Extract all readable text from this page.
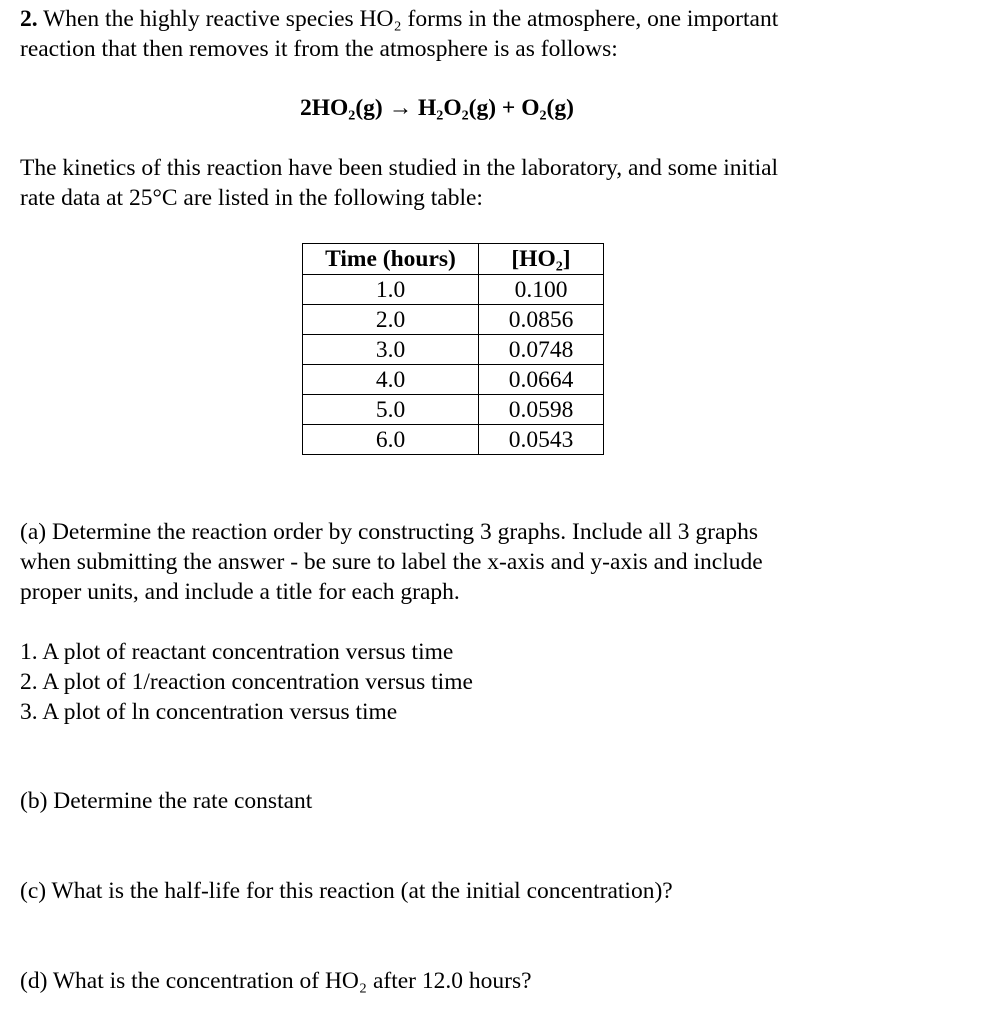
2. When the highly reactive species HO₂ forms in the atmosphere, one important
reaction that then removes it from the atmosphere is as follows:
2HO₂(g) → H₂O₂(g) + O₂(g)
The kinetics of this reaction have been studied in the laboratory, and some initial
rate data at 25°C are listed in the following table:
Time (hours)	[HO₂]
1.0	0.100
2.0	0.0856
3.0	0.0748
4.0	0.0664
5.0	0.0598
6.0	0.0543
(a) Determine the reaction order by constructing 3 graphs. Include all 3 graphs
when submitting the answer - be sure to label the x-axis and y-axis and include
proper units, and include a title for each graph.
1. A plot of reactant concentration versus time
2. A plot of 1/reaction concentration versus time
3. A plot of ln concentration versus time
(b) Determine the rate constant
(c) What is the half-life for this reaction (at the initial concentration)?
(d) What is the concentration of HO₂ after 12.0 hours?
